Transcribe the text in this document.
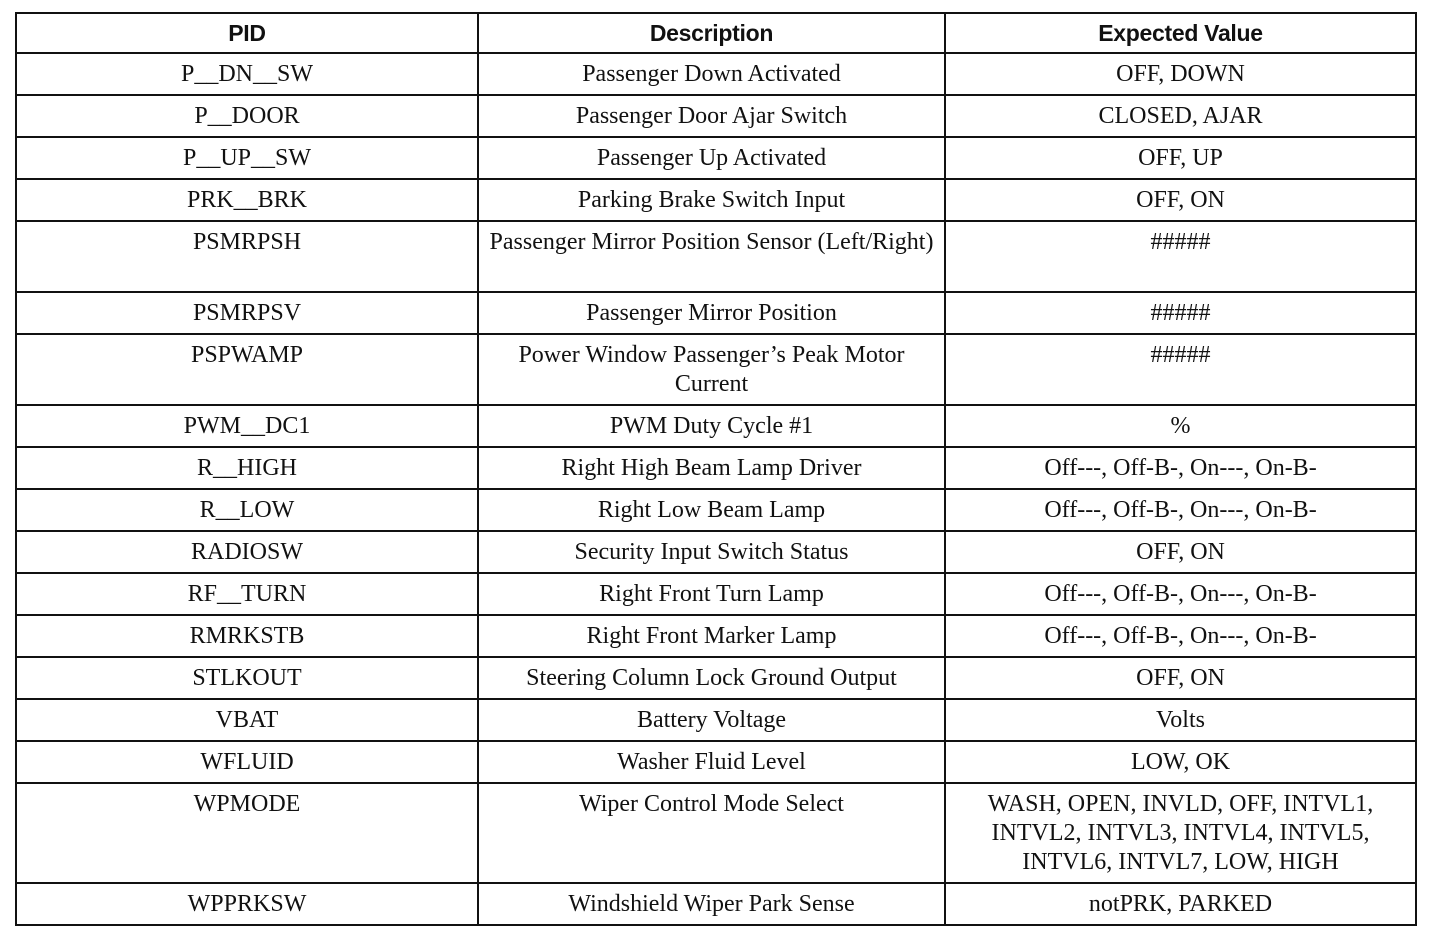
PID	Description	Expected Value
P__DN__SW	Passenger Down Activated	OFF, DOWN
P__DOOR	Passenger Door Ajar Switch	CLOSED, AJAR
P__UP__SW	Passenger Up Activated	OFF, UP
PRK__BRK	Parking Brake Switch Input	OFF, ON
PSMRPSH	Passenger Mirror Position Sensor (Left/Right)	#####
PSMRPSV	Passenger Mirror Position	#####
PSPWAMP	Power Window Passenger’s Peak Motor Current	#####
PWM__DC1	PWM Duty Cycle #1	%
R__HIGH	Right High Beam Lamp Driver	Off---, Off-B-, On---, On-B-
R__LOW	Right Low Beam Lamp	Off---, Off-B-, On---, On-B-
RADIOSW	Security Input Switch Status	OFF, ON
RF__TURN	Right Front Turn Lamp	Off---, Off-B-, On---, On-B-
RMRKSTB	Right Front Marker Lamp	Off---, Off-B-, On---, On-B-
STLKOUT	Steering Column Lock Ground Output	OFF, ON
VBAT	Battery Voltage	Volts
WFLUID	Washer Fluid Level	LOW, OK
WPMODE	Wiper Control Mode Select	WASH, OPEN, INVLD, OFF, INTVL1, INTVL2, INTVL3, INTVL4, INTVL5, INTVL6, INTVL7, LOW, HIGH
WPPRKSW	Windshield Wiper Park Sense	notPRK, PARKED
